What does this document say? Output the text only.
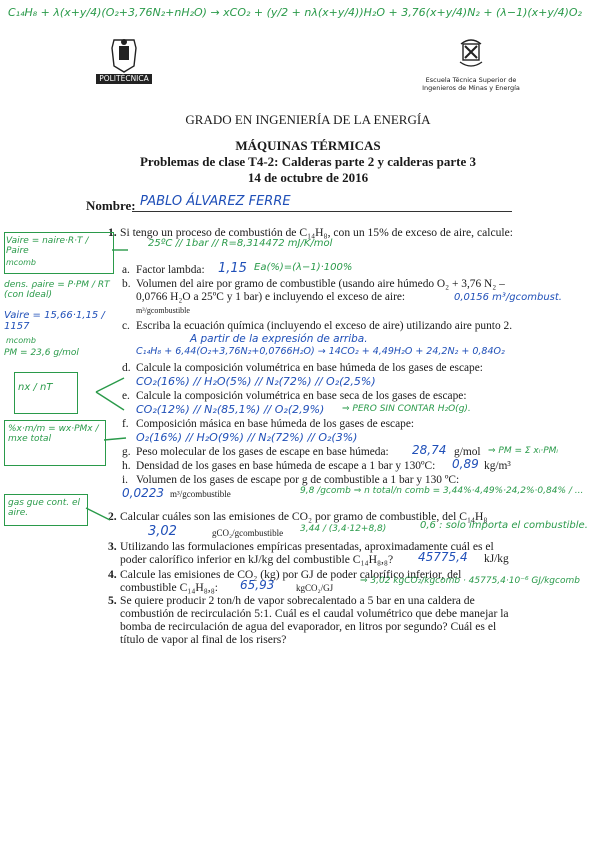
C₁₄H₈ + λ(x+y/4)(O₂+3,76N₂+nH₂O) → xCO₂ + (y/2 + nλ(x+y/4))H₂O + 3,76(x+y/4)N₂ + (λ−1)(x+y/4)O₂
POLITÉCNICA	Escuela Técnica Superior de Ingenieros de Minas y Energía
GRADO EN INGENIERÍA DE LA ENERGÍA
MÁQUINAS TÉRMICAS
Problemas de clase T4-2: Calderas parte 2 y calderas parte 3
14 de octubre de 2016
Nombre: PABLO ÁLVAREZ FERRE
1. Si tengo un proceso de combustión de C₁₄H₈, con un 15% de exceso de aire, calcule:
25ºC // 1bar // R=8,314472 mJ/K/mol
a. Factor lambda: 1,15 Ea(%)=(λ−1)·100%
b. Volumen del aire por gramo de combustible (usando aire húmedo O₂ + 3,76 N₂ – 0,0766 H₂O a 25ºC y 1 bar) e incluyendo el exceso de aire:	0,0156 m³/gcombust.
m³/gcombustible
c. Escriba la ecuación química (incluyendo el exceso de aire) utilizando aire punto 2.
A partir de la expresión de arriba.
C₁₄H₈ + 6,44(O₂+3,76N₂+0,0766H₂O) → 14CO₂ + 4,49H₂O + 24,2N₂ + 0,84O₂
d. Calcule la composición volumétrica en base húmeda de los gases de escape:
CO₂(16%) // H₂O(5%) // N₂(72%) // O₂(2,5%)
e. Calcule la composición volumétrica en base seca de los gases de escape:
CO₂(12%) // N₂(85,1%) // O₂(2,9%) ⇒ PERO SIN CONTAR H₂O(g).
f. Composición másica en base húmeda de los gases de escape:
O₂(16%) // H₂O(9%) // N₂(72%) // O₂(3%)
g. Peso molecular de los gases de escape en base húmeda: 28,74 g/mol ⇒ PM = Σ xᵢ·PMᵢ
h. Densidad de los gases en base húmeda de escape a 1 bar y 130ºC: 0,89 kg/m³
i. Volumen de los gases de escape por g de combustible a 1 bar y 130 ºC:
0,0223 m³/gcombustible	9,8 /gcomb ⇒ n total/n comb = 3,44%·4,49%·24,2%·0,84% / ...
2. Calcular cuáles son las emisiones de CO₂ por gramo de combustible, del C₁₄H₈
3,02	gCO₂/gcombustible 3,44 / (3,4·12+8,8)	0,6 : solo importa el combustible.
3. Utilizando las formulaciones empíricas presentadas, aproximadamente cuál es el poder calorífico inferior en kJ/kg del combustible C₁₄H₈,₈?	45775,4 kJ/kg
4. Calcule las emisiones de CO₂ (kg) por GJ de poder calorífico inferior, del combustible C₁₄H₈,₈:	65,93 kgCO₂/GJ
⇒ 3,02 kgCO₂/kgcomb · 45775,4·10⁻⁶ GJ/kgcomb
5. Se quiere producir 2 ton/h de vapor sobrecalentado a 5 bar en una caldera de combustión de recirculación 5:1. Cuál es el caudal volumétrico que debe manejar la bomba de recirculación de agua del evaporador, en litros por segundo? Cuál es el título de vapor al final de los risers?
Vaire = naire·R·T / Paire
mcomb
dens. ρaire = P·PM / RT (con Ideal)
Vaire = 15,66·1,15 / 1157
mcomb
PM = 23,6 g/mol
nx / nT
%x·m/m = wx·PMx / mxe total
gas gue cont. el aire.
